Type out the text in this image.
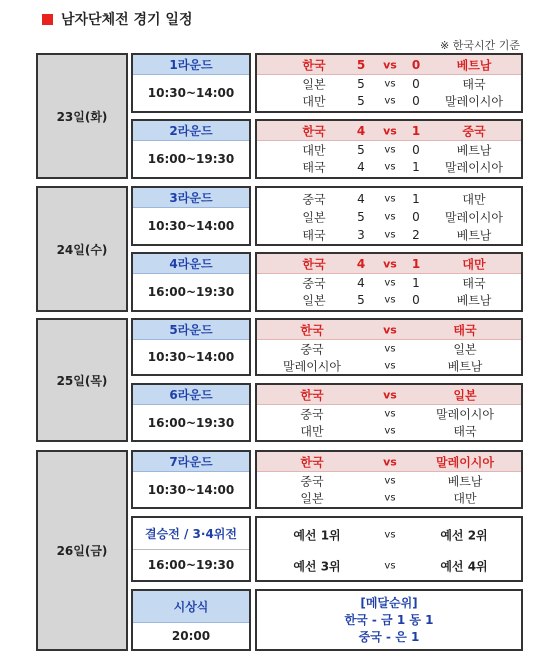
남자단체전 경기 일정
※ 한국시간 기준
23일(화)
1라운드
10:30~14:00
한국	5	vs	0	베트남
일본	5	vs	0	태국
대만	5	vs	0	말레이시아
2라운드
16:00~19:30
한국	4	vs	1	중국
대만	5	vs	0	베트남
태국	4	vs	1	말레이시아
24일(수)
3라운드
10:30~14:00
중국	4	vs	1	대만
일본	5	vs	0	말레이시아
태국	3	vs	2	베트남
4라운드
16:00~19:30
한국	4	vs	1	대만
중국	4	vs	1	태국
일본	5	vs	0	베트남
25일(목)
5라운드
10:30~14:00
한국	vs	태국
중국	vs	일본
말레이시아	vs	베트남
6라운드
16:00~19:30
한국	vs	일본
중국	vs	말레이시아
대만	vs	태국
26일(금)
7라운드
10:30~14:00
한국	vs	말레이시아
중국	vs	베트남
일본	vs	대만
결승전 / 3·4위전
16:00~19:30
예선 1위	vs	예선 2위
예선 3위	vs	예선 4위
시상식
20:00
[메달순위]
한국 - 금 1 동 1
중국 - 은 1
